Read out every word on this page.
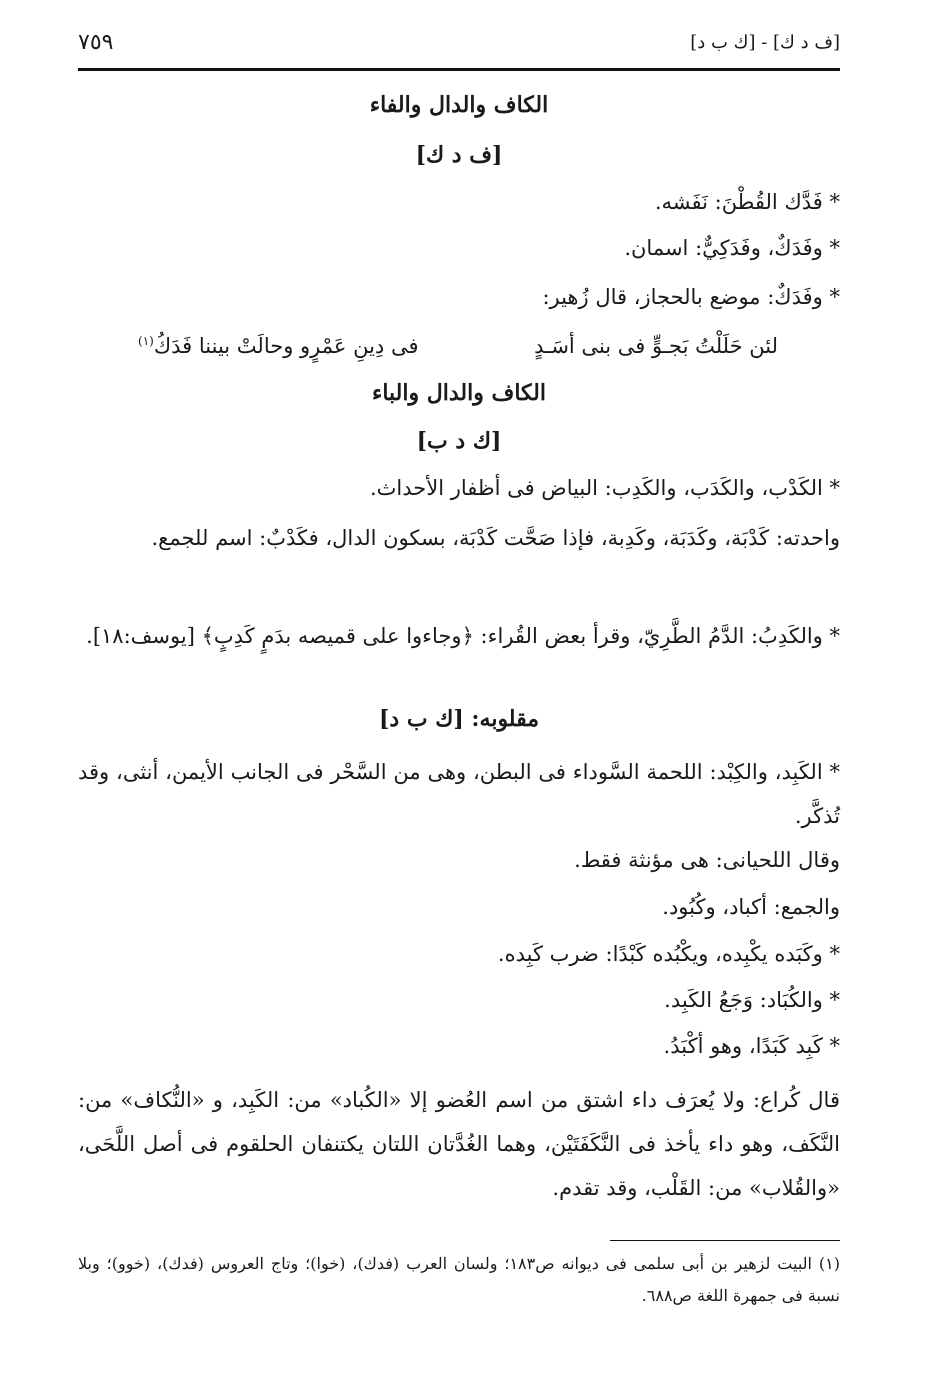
[ف د ك] - [ك ب د]
٧٥٩
الكاف والدال والفاء
[ف د ك]
* فَدَّك القُطْنَ: نَفَشه.
* وفَدَكٌ، وفَدَكِيٌّ: اسمان.
* وفَدَكٌ: موضع بالحجاز، قال زُهير:
لئن حَلَلْتُ بَجـوٍّ فى بنى أسَـدٍ
فى دِينِ عَمْرٍو وحالَتْ بيننا فَدَكُ$^{(١)}$
الكاف والدال والباء
[ك د ب]
* الكَدْب، والكَدَب، والكَدِب: البياض فى أظفار الأحداث.
واحدته: كَدْبَة، وكَدَبَة، وكَدِبة، فإذا صَحَّت كَدْبَة، بسكون الدال، فكَدْبٌ: اسم للجمع.
* والكَدِبُ: الدَّمُ الطَّرِيّ، وقرأ بعض القُراء: ﴿وجاءوا على قميصه بدَمٍ كَدِبٍ﴾ [يوسف:١٨].
مقلوبه: [ك ب د]
* الكَبِد، والكِبْد: اللحمة السَّوداء فى البطن، وهى من السَّحْر فى الجانب الأيمن، أنثى، وقد تُذكَّر.
وقال اللحيانى: هى مؤنثة فقط.
والجمع: أكباد، وكُبُود.
* وكَبَده يكْبِده، ويكْبُده كَبْدًا: ضرب كَبِده.
* والكُبَاد: وَجَعُ الكَبِد.
* كَبِد كَبَدًا، وهو أكْبَدُ.
قال كُراع: ولا يُعرَف داء اشتق من اسم العُضو إلا «الكُباد» من: الكَبِد، و «النُّكاف» من: النَّكَف، وهو داء يأخذ فى النَّكَفَتَيْن، وهما الغُدَّتان اللتان يكتنفان الحلقوم فى أصل اللَّحَى، «والقُلاب» من: القَلْب، وقد تقدم.
(١) البيت لزهير بن أبى سلمى فى ديوانه ص١٨٣؛ ولسان العرب (فدك)، (خوا)؛ وتاج العروس (فدك)، (خوو)؛ وبلا نسبة فى جمهرة اللغة ص٦٨٨.
